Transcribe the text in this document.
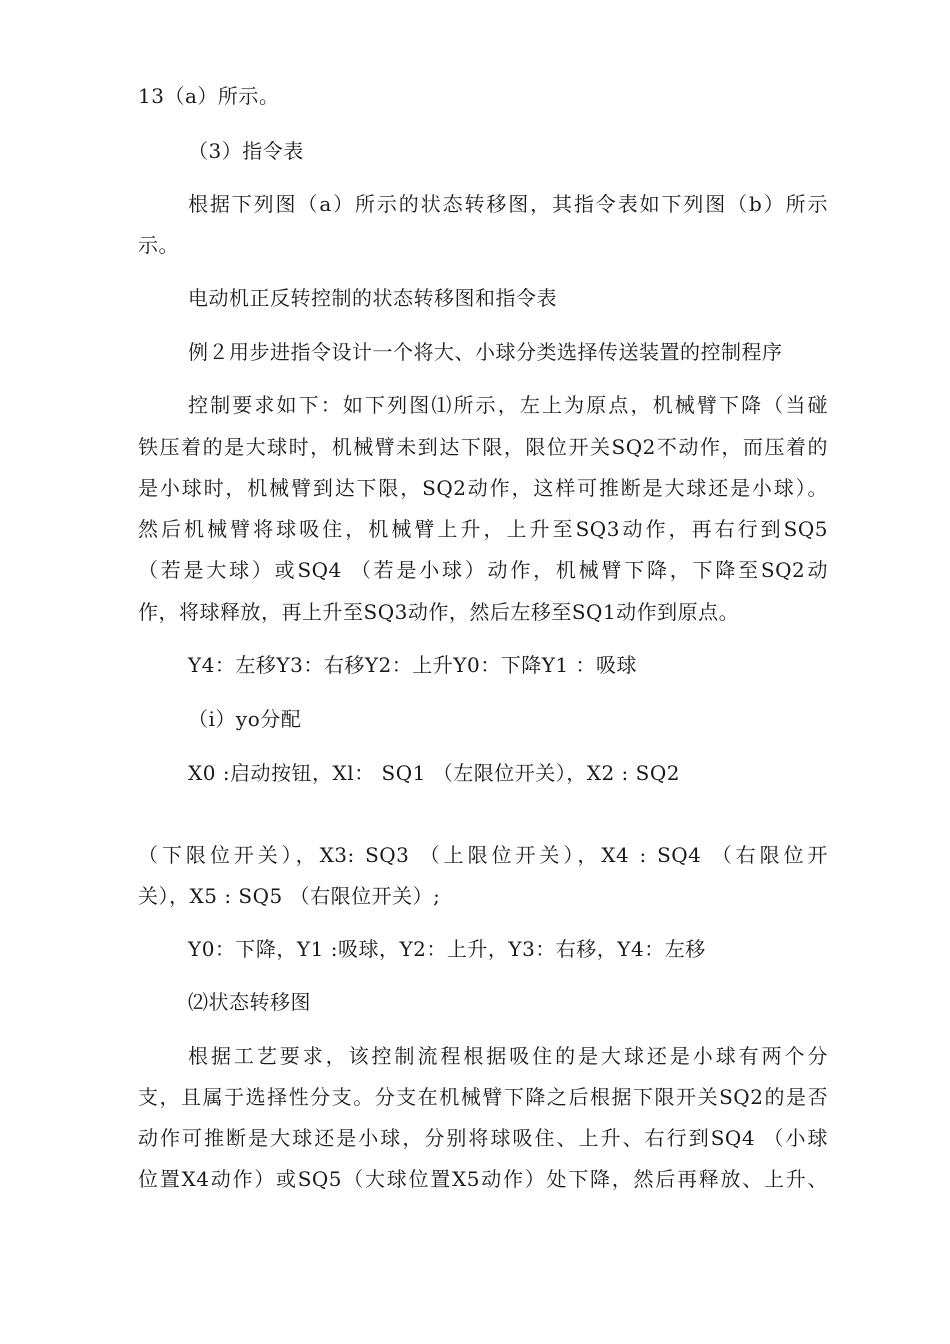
13（a）所示。
（3）指令表
根据下列图（a）所示的状态转移图，其指令表如下列图（b）所示
示。
电动机正反转控制的状态转移图和指令表
例２用步进指令设计一个将大、小球分类选择传送装置的控制程序
控制要求如下：如下列图⑴所示，左上为原点，机械臂下降（当碰
铁压着的是大球时，机械臂未到达下限，限位开关SQ2不动作，而压着的
是小球时，机械臂到达下限，SQ2动作，这样可推断是大球还是小球）。
然后机械臂将球吸住，机械臂上升，上升至SQ3动作，再右行到SQ5
（若是大球）或SQ4 （若是小球）动作，机械臂下降，下降至SQ2动
作，将球释放，再上升至SQ3动作，然后左移至SQ1动作到原点。
Y4：左移Y3：右移Y2：上升Y0：下降Y1 ：吸球
（i）yo分配
X0 :启动按钮，Xl： SQ1 （左限位开关），X2 : SQ2
（下限位开关），X3: SQ3 （上限位开关），X4 : SQ4 （右限位开
关），X5 : SQ5 （右限位开关）;
Y0：下降，Y1 :吸球，Y2：上升，Y3：右移，Y4：左移
⑵状态转移图
根据工艺要求，该控制流程根据吸住的是大球还是小球有两个分
支，且属于选择性分支。分支在机械臂下降之后根据下限开关SQ2的是否
动作可推断是大球还是小球，分别将球吸住、上升、右行到SQ4 （小球
位置X4动作）或SQ5（大球位置X5动作）处下降，然后再释放、上升、
